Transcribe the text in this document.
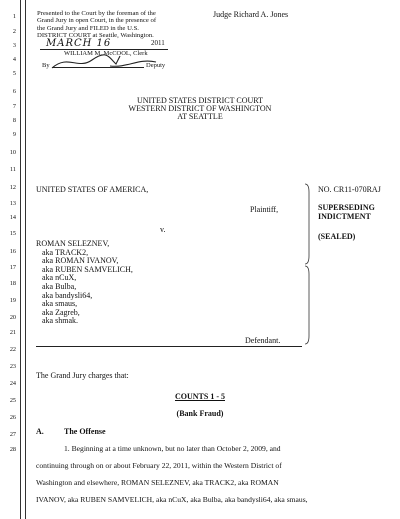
1
2
3
4
5
6
7
8
9
10
11
12
13
14
15
16
17
18
19
20
21
22
23
24
25
26
27
28
Presented to the Court by the foreman of the
Grand Jury in open Court, in the presence of
the Grand Jury and FILED in the U.S.
DISTRICT COURT at Seattle, Washington.
MARCH 16	2011
WILLIAM M. McCOOL, Clerk
By	Deputy
Judge Richard A. Jones
UNITED STATES DISTRICT COURT
WESTERN DISTRICT OF WASHINGTON
AT SEATTLE
UNITED STATES OF AMERICA,
Plaintiff,
v.
ROMAN SELEZNEV,
aka TRACK2,
aka ROMAN IVANOV,
aka RUBEN SAMVELICH,
aka nCuX,
aka Bulba,
aka bandysli64,
aka smaus,
aka Zagreb,
aka shmak.
Defendant.
NO. CR11-070RAJ
SUPERSEDING
INDICTMENT
(SEALED)
The Grand Jury charges that:
COUNTS 1 - 5
(Bank Fraud)
A.	The Offense
1. Beginning at a time unknown, but no later than October 2, 2009, and
continuing through on or about February 22, 2011, within the Western District of
Washington and elsewhere, ROMAN SELEZNEV, aka TRACK2, aka ROMAN
IVANOV, aka RUBEN SAMVELICH, aka nCuX, aka Bulba, aka bandysli64, aka smaus,
